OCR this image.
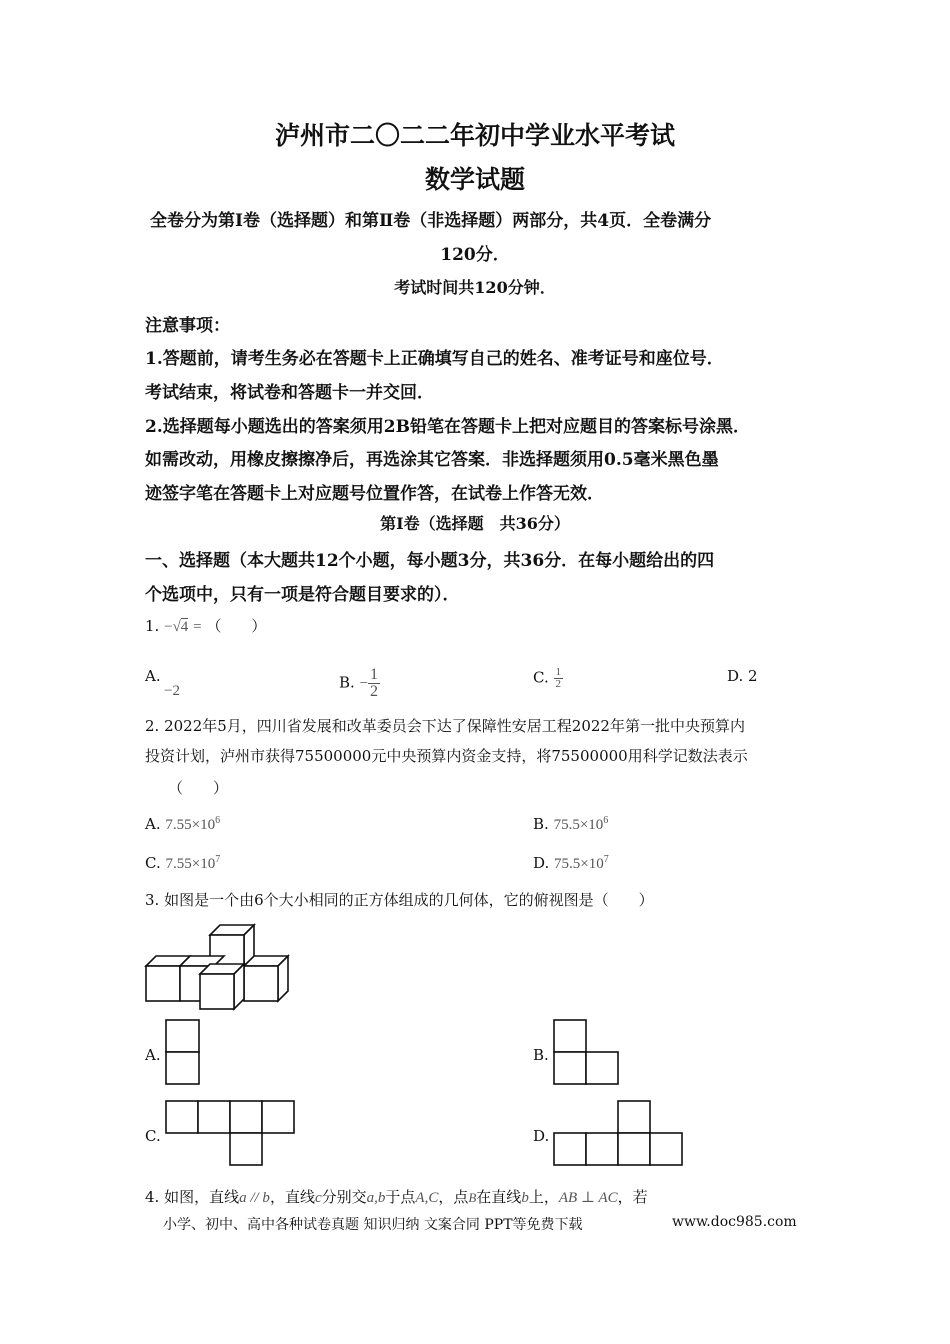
泸州市二〇二二年初中学业水平考试
数学试题
全卷分为第Ⅰ卷（选择题）和第Ⅱ卷（非选择题）两部分，共4页．全卷满分
120分．
考试时间共120分钟．
注意事项：
1.答题前，请考生务必在答题卡上正确填写自己的姓名、准考证号和座位号．
考试结束，将试卷和答题卡一并交回．
2.选择题每小题选出的答案须用2B铅笔在答题卡上把对应题目的答案标号涂黑．
如需改动，用橡皮擦擦净后，再选涂其它答案．非选择题须用0.5毫米黑色墨
迹签字笔在答题卡上对应题号位置作答，在试卷上作答无效．
第Ⅰ卷（选择题　共36分）
一、选择题（本大题共12个小题，每小题3分，共36分．在每小题给出的四
个选项中，只有一项是符合题目要求的）．
1. −√4 = （　　）
A.
−2	B. − $\frac{1}{2}$	C. $\frac{1}{2}$	D. 2
2. 2022年5月，四川省发展和改革委员会下达了保障性安居工程2022年第一批中央预算内
投资计划，泸州市获得75500000元中央预算内资金支持，将75500000用科学记数法表示
（　　）
A. $7.55\times 10^6$	B. $75.5\times 10^6$
C. $7.55\times 10^7$	D. $75.5\times 10^7$
3. 如图是一个由6个大小相同的正方体组成的几何体，它的俯视图是（　　）
A.	B.
C.	D.
4. 如图，直线a // b，直线c分别交a,b于点A,C，点B在直线b上，AB ⊥ AC，若
小学、初中、高中各种试卷真题 知识归纳 文案合同 PPT等免费下载	www.doc985.com
